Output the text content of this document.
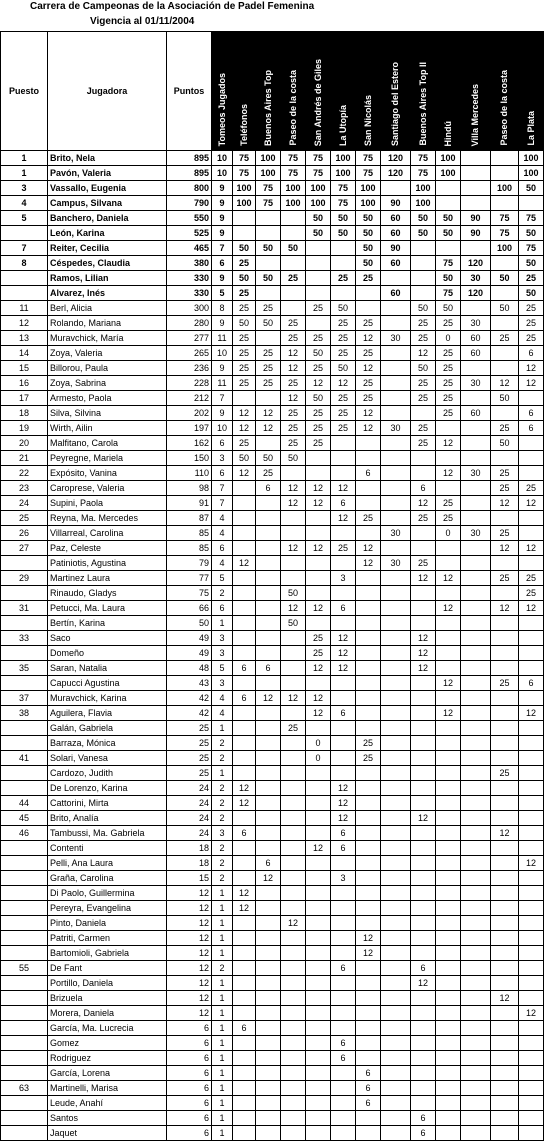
Carrera de Campeonas de la Asociación de Padel Femenina
Vigencia al 01/11/2004
Puesto	Jugadora	Puntos	Tomeos Jugados	Teléfonos	Buenos Aires Top	Paseo de la costa	San Andrés de Giles	La Utopía	San Nicolás	Santiago del Estero	Buenos Aires Top II	Hindú	Villa Mercedes	Paseo de la costa	La Plata

1	Brito, Nela	895	10	75	100	75	75	100	75	120	75	100			100
1	Pavón, Valeria	895	10	75	100	75	75	100	75	120	75	100			100
3	Vassallo, Eugenia	800	9	100	75	100	100	75	100		100			100	50
4	Campus, Silvana	790	9	100	75	100	100	75	100	90	100				
5	Banchero, Daniela	550	9				50	50	50	60	50	50	90	75	75
	León, Karina	525	9				50	50	50	60	50	50	90	75	50
7	Reiter, Cecilia	465	7	50	50	50			50	90				100	75
8	Céspedes, Claudia	380	6	25					50	60		75	120		50
	Ramos, Lilian	330	9	50	50	25		25	25			50	30	50	25
	Alvarez, Inés	330	5	25						60		75	120		50
11	Berl, Alicia	300	8	25	25		25	50			50	50		50	25
12	Rolando, Mariana	280	9	50	50	25		25	25		25	25	30		25
13	Muravchick, María	277	11	25		25	25	25	12	30	25	0	60	25	25
14	Zoya, Valeria	265	10	25	25	12	50	25	25		12	25	60		6
15	Billorou, Paula	236	9	25	25	12	25	50	12		50	25			12
16	Zoya, Sabrina	228	11	25	25	25	12	12	25		25	25	30	12	12
17	Armesto, Paola	212	7			12	50	25	25		25	25		50	
18	Silva, Silvina	202	9	12	12	25	25	25	12			25	60		6
19	Wirth, Ailin	197	10	12	12	25	25	25	12	30	25			25	6
20	Malfitano, Carola	162	6	25		25	25				25	12		50	
21	Peyregne, Mariela	150	3	50	50	50									
22	Expósito, Vanina	110	6	12	25				6			12	30	25	
23	Caroprese, Valeria	98	7		6	12	12	12			6			25	25
24	Supini, Paola	91	7			12	12	6			12	25		12	12
25	Reyna, Ma. Mercedes	87	4					12	25		25	25			
26	Villarreal, Carolina	85	4							30		0	30	25	
27	Paz, Celeste	85	6			12	12	25	12					12	12
	Patiniotis, Agustina	79	4	12					12	30	25				
29	Martinez Laura	77	5					3			12	12		25	25
	Rinaudo, Gladys	75	2			50									25
31	Petucci, Ma. Laura	66	6			12	12	6				12		12	12
	Bertín, Karina	50	1			50									
33	Saco	49	3				25	12			12				
	Domeño	49	3				25	12			12				
35	Saran, Natalia	48	5	6	6		12	12			12				
	Capucci Agustina	43	3									12		25	6
37	Muravchick, Karina	42	4	6	12	12	12								
38	Aguilera, Flavia	42	4				12	6				12			12
	Galán, Gabriela	25	1			25									
	Barraza, Mónica	25	2				0		25						
41	Solari, Vanesa	25	2				0		25						
	Cardozo, Judith	25	1											25	
	De Lorenzo, Karina	24	2	12				12							
44	Cattorini, Mirta	24	2	12				12							
45	Brito, Analía	24	2					12			12				
46	Tambussi, Ma. Gabriela	24	3	6				6						12	
	Contenti	18	2				12	6							
	Pelli, Ana Laura	18	2		6										12
	Graña, Carolina	15	2		12			3							
	Di Paolo, Guillermina	12	1	12											
	Pereyra, Evangelina	12	1	12											
	Pinto, Daniela	12	1			12									
	Patriti, Carmen	12	1						12						
	Bartomioli, Gabriela	12	1						12						
55	De Fant	12	2					6			6				
	Portillo, Daniela	12	1								12				
	Brizuela	12	1											12	
	Morera, Daniela	12	1												12
	García, Ma. Lucrecia	6	1	6											
	Gomez	6	1					6							
	Rodriguez	6	1					6							
	García, Lorena	6	1						6						
63	Martinelli, Marisa	6	1						6						
	Leude, Anahí	6	1						6						
	Santos	6	1								6				
	Jaquet	6	1								6				
